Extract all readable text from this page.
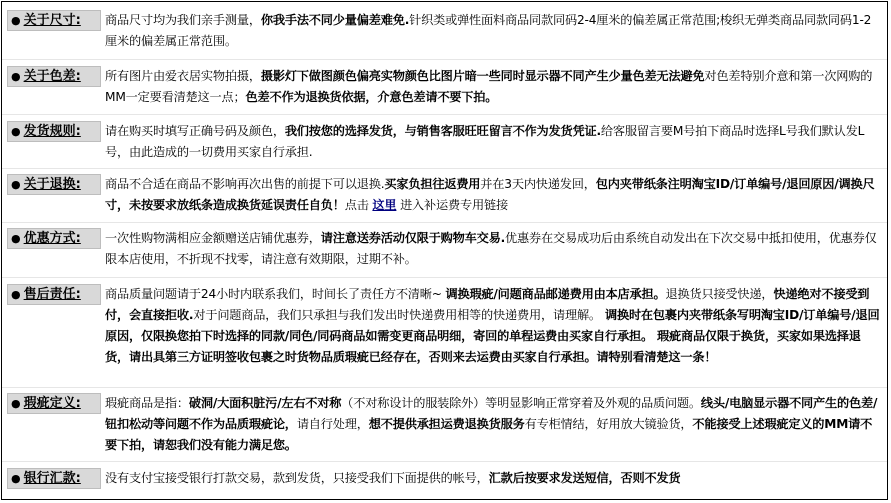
● 关于尺寸:	商品尺寸均为我们亲手测量，你我手法不同少量偏差难免.针织类或弹性面料商品同款同码2-4厘米的偏差属正常范围;梭织无弹类商品同款同码1-2厘米的偏差属正常范围。
● 关于色差:	所有图片由爱衣居实物拍摄，摄影灯下做图颜色偏亮实物颜色比图片暗一些同时显示器不同产生少量色差无法避免对色差特别介意和第一次网购的MM一定要看清楚这一点；色差不作为退换货依据，介意色差请不要下拍。
● 发货规则:	请在购买时填写正确号码及颜色，我们按您的选择发货，与销售客服旺旺留言不作为发货凭证.给客服留言要M号拍下商品时选择L号我们默认发L号，由此造成的一切费用买家自行承担.
● 关于退换:	商品不合适在商品不影响再次出售的前提下可以退换.买家负担往返费用并在3天内快递发回，包内夹带纸条注明淘宝ID/订单编号/退回原因/调换尺寸，未按要求放纸条造成换货延误责任自负！点击 这里 进入补运费专用链接
● 优惠方式:	一次性购物满相应金额赠送店铺优惠券，请注意送券活动仅限于购物车交易.优惠券在交易成功后由系统自动发出在下次交易中抵扣使用，优惠券仅限本店使用，不折现不找零，请注意有效期限，过期不补。
● 售后责任:	商品质量问题请于24小时内联系我们，时间长了责任方不清晰~ 调换瑕疵/问题商品邮递费用由本店承担。退换货只接受快递，快递绝对不接受到付，会直接拒收.对于问题商品，我们只承担与我们发出时快递费用相等的快递费用，请理解。 调换时在包裹内夹带纸条写明淘宝ID/订单编号/退回原因，仅限换您拍下时选择的同款/同色/同码商品如需变更商品明细，寄回的单程运费由买家自行承担。 瑕疵商品仅限于换货，买家如果选择退货，请出具第三方证明签收包裹之时货物品质瑕疵已经存在，否则来去运费由买家自行承担。请特别看清楚这一条！
● 瑕疵定义:	瑕疵商品是指：破洞/大面积脏污/左右不对称（不对称设计的服装除外）等明显影响正常穿着及外观的品质问题。线头/电脑显示器不同产生的色差/钮扣松动等问题不作为品质瑕疵论，请自行处理，想不提供承担运费退换货服务有专柜情结，好用放大镜验货，不能接受上述瑕疵定义的MM请不要下拍，请恕我们没有能力满足您。
● 银行汇款:	没有支付宝接受银行打款交易，款到发货，只接受我们下面提供的帐号，汇款后按要求发送短信，否则不发货
